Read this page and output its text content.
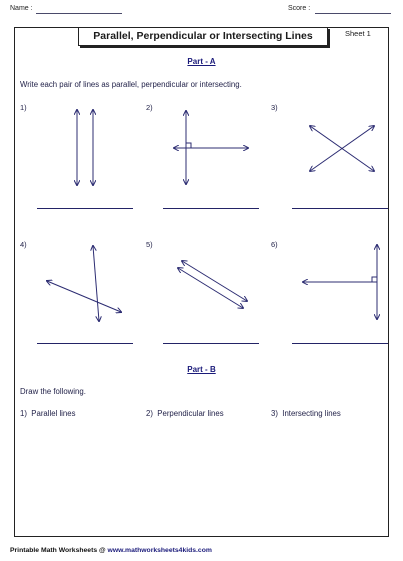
Name :	Score :
Parallel, Perpendicular or Intersecting Lines	Sheet 1
Part - A
Write each pair of lines as parallel, perpendicular or intersecting.
1)	2)	3)
4)	5)	6)
Part - B
Draw the following.
1) Parallel lines	2) Perpendicular lines	3) Intersecting lines
Printable Math Worksheets @ www.mathworksheets4kids.com
